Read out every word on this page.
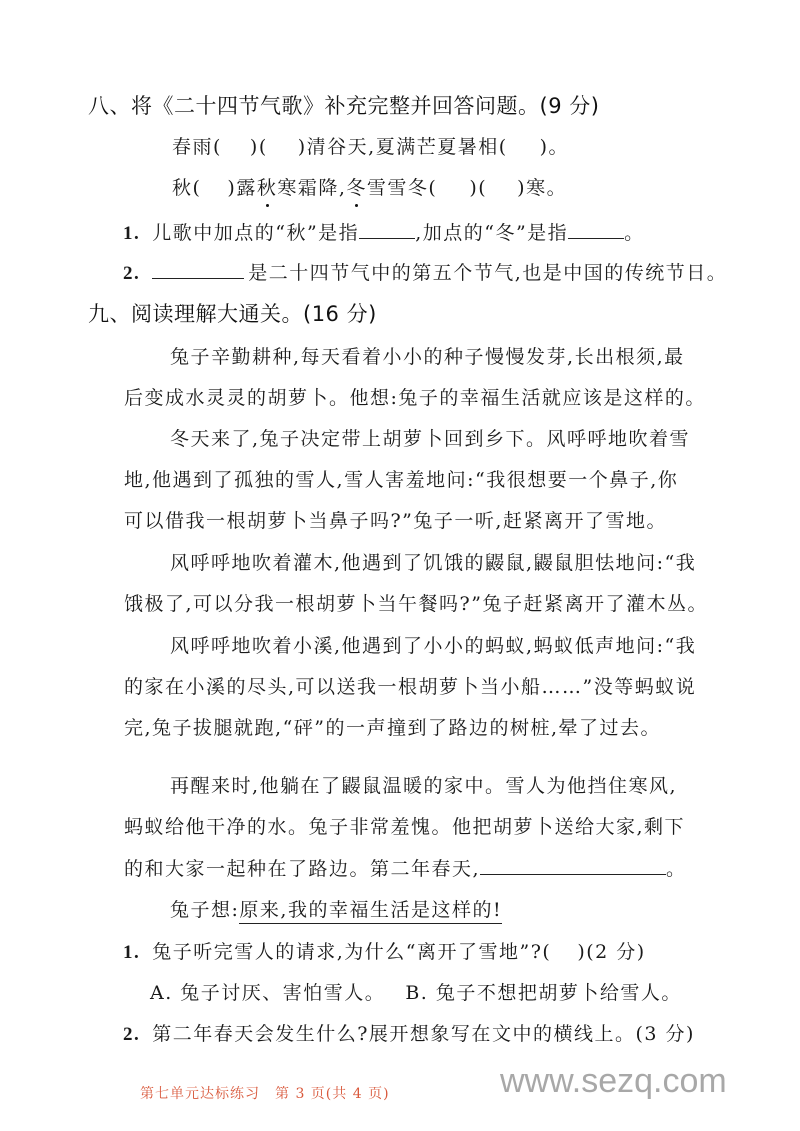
八、将《二十四节气歌》补充完整并回答问题。(9 分)
春雨( )( )清谷天,夏满芒夏暑相( )。
秋( )露秋寒霜降,冬雪雪冬( )( )寒。
1. 儿歌中加点的“秋”是指	,加点的“冬”是指	。
2.	是二十四节气中的第五个节气,也是中国的传统节日。
九、阅读理解大通关。(16 分)
兔子辛勤耕种,每天看着小小的种子慢慢发芽,长出根须,最
后变成水灵灵的胡萝卜。他想:兔子的幸福生活就应该是这样的。
冬天来了,兔子决定带上胡萝卜回到乡下。风呼呼地吹着雪
地,他遇到了孤独的雪人,雪人害羞地问:“我很想要一个鼻子,你
可以借我一根胡萝卜当鼻子吗?”兔子一听,赶紧离开了雪地。
风呼呼地吹着灌木,他遇到了饥饿的鼹鼠,鼹鼠胆怯地问:“我
饿极了,可以分我一根胡萝卜当午餐吗?”兔子赶紧离开了灌木丛。
风呼呼地吹着小溪,他遇到了小小的蚂蚁,蚂蚁低声地问:“我
的家在小溪的尽头,可以送我一根胡萝卜当小船……”没等蚂蚁说
完,兔子拔腿就跑,“砰”的一声撞到了路边的树桩,晕了过去。
再醒来时,他躺在了鼹鼠温暖的家中。雪人为他挡住寒风,
蚂蚁给他干净的水。兔子非常羞愧。他把胡萝卜送给大家,剩下
的和大家一起种在了路边。第二年春天,	。
兔子想:原来,我的幸福生活是这样的!
1. 兔子听完雪人的请求,为什么“离开了雪地”?( )(2 分)
A. 兔子讨厌、害怕雪人。 B. 兔子不想把胡萝卜给雪人。
2. 第二年春天会发生什么?展开想象写在文中的横线上。(3 分)
第七单元达标练习　第 3 页(共 4 页)	www.sezq.com
